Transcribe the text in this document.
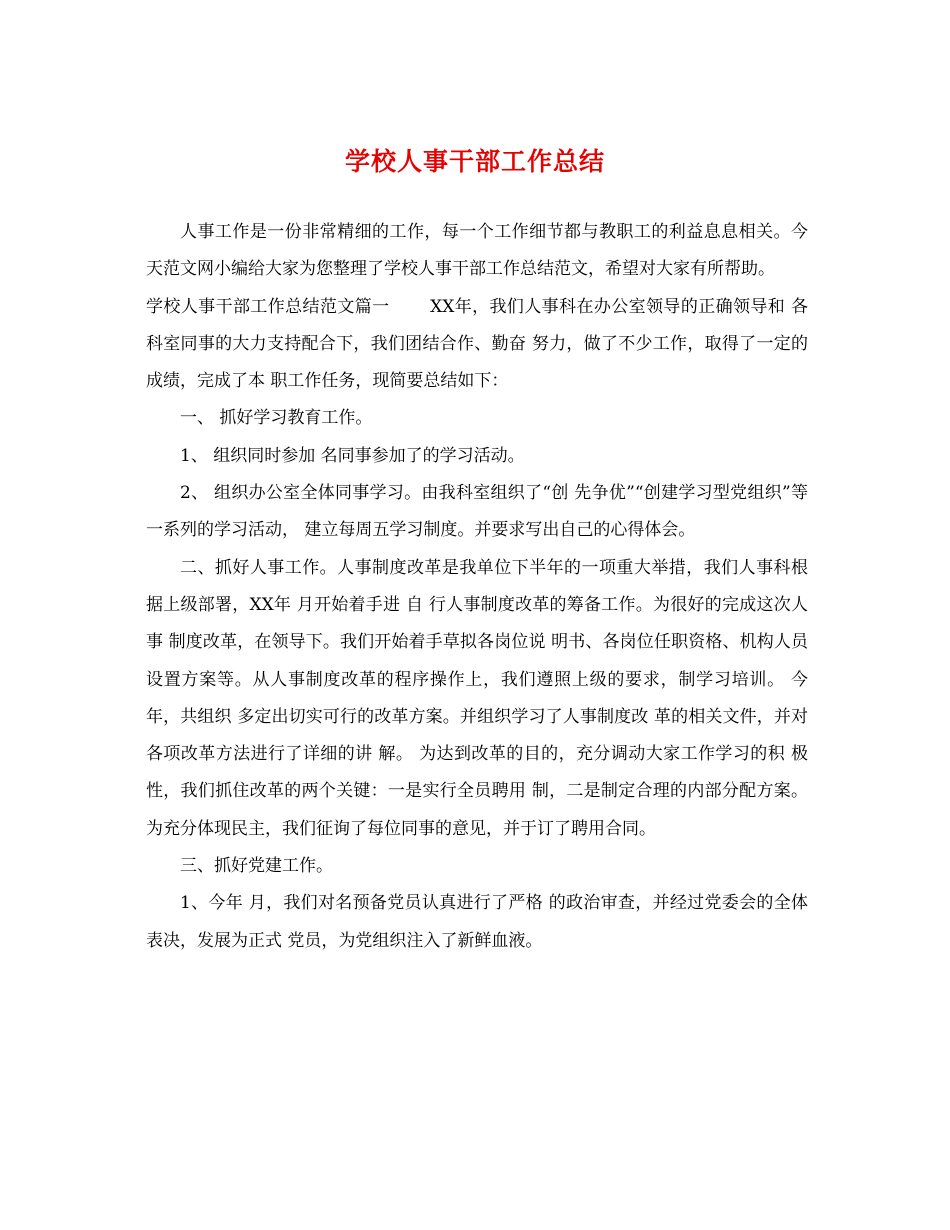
学校人事干部工作总结

人事工作是一份非常精细的工作，每一个工作细节都与教职工的利益息息相关。今天范文网小编给大家为您整理了学校人事干部工作总结范文，希望对大家有所帮助。

学校人事干部工作总结范文篇一　　 XX年，我们人事科在办公室领导的正确领导和 各科室同事的大力支持配合下，我们团结合作、勤奋 努力，做了不少工作，取得了一定的成绩，完成了本 职工作任务，现简要总结如下：

一、 抓好学习教育工作。

1、 组织同时参加 名同事参加了的学习活动。

2、 组织办公室全体同事学习。由我科室组织了“创 先争优”“创建学习型党组织”等一系列的学习活动， 建立每周五学习制度。并要求写出自己的心得体会。

二、抓好人事工作。人事制度改革是我单位下半年的一项重大举措，我们人事科根据上级部署，XX年 月开始着手进 自 行人事制度改革的筹备工作。为很好的完成这次人事 制度改革，在领导下。我们开始着手草拟各岗位说 明书、各岗位任职资格、机构人员设置方案等。从人事制度改革的程序操作上，我们遵照上级的要求，制学习培训。 今年，共组织 多定出切实可行的改革方案。并组织学习了人事制度改 革的相关文件，并对各项改革方法进行了详细的讲 解。 为达到改革的目的，充分调动大家工作学习的积 极性，我们抓住改革的两个关键：一是实行全员聘用 制，二是制定合理的内部分配方案。为充分体现民主，我们征询了每位同事的意见，并于订了聘用合同。

三、抓好党建工作。

1、今年 月，我们对名预备党员认真进行了严格 的政治审查，并经过党委会的全体表决，发展为正式 党员，为党组织注入了新鲜血液。
